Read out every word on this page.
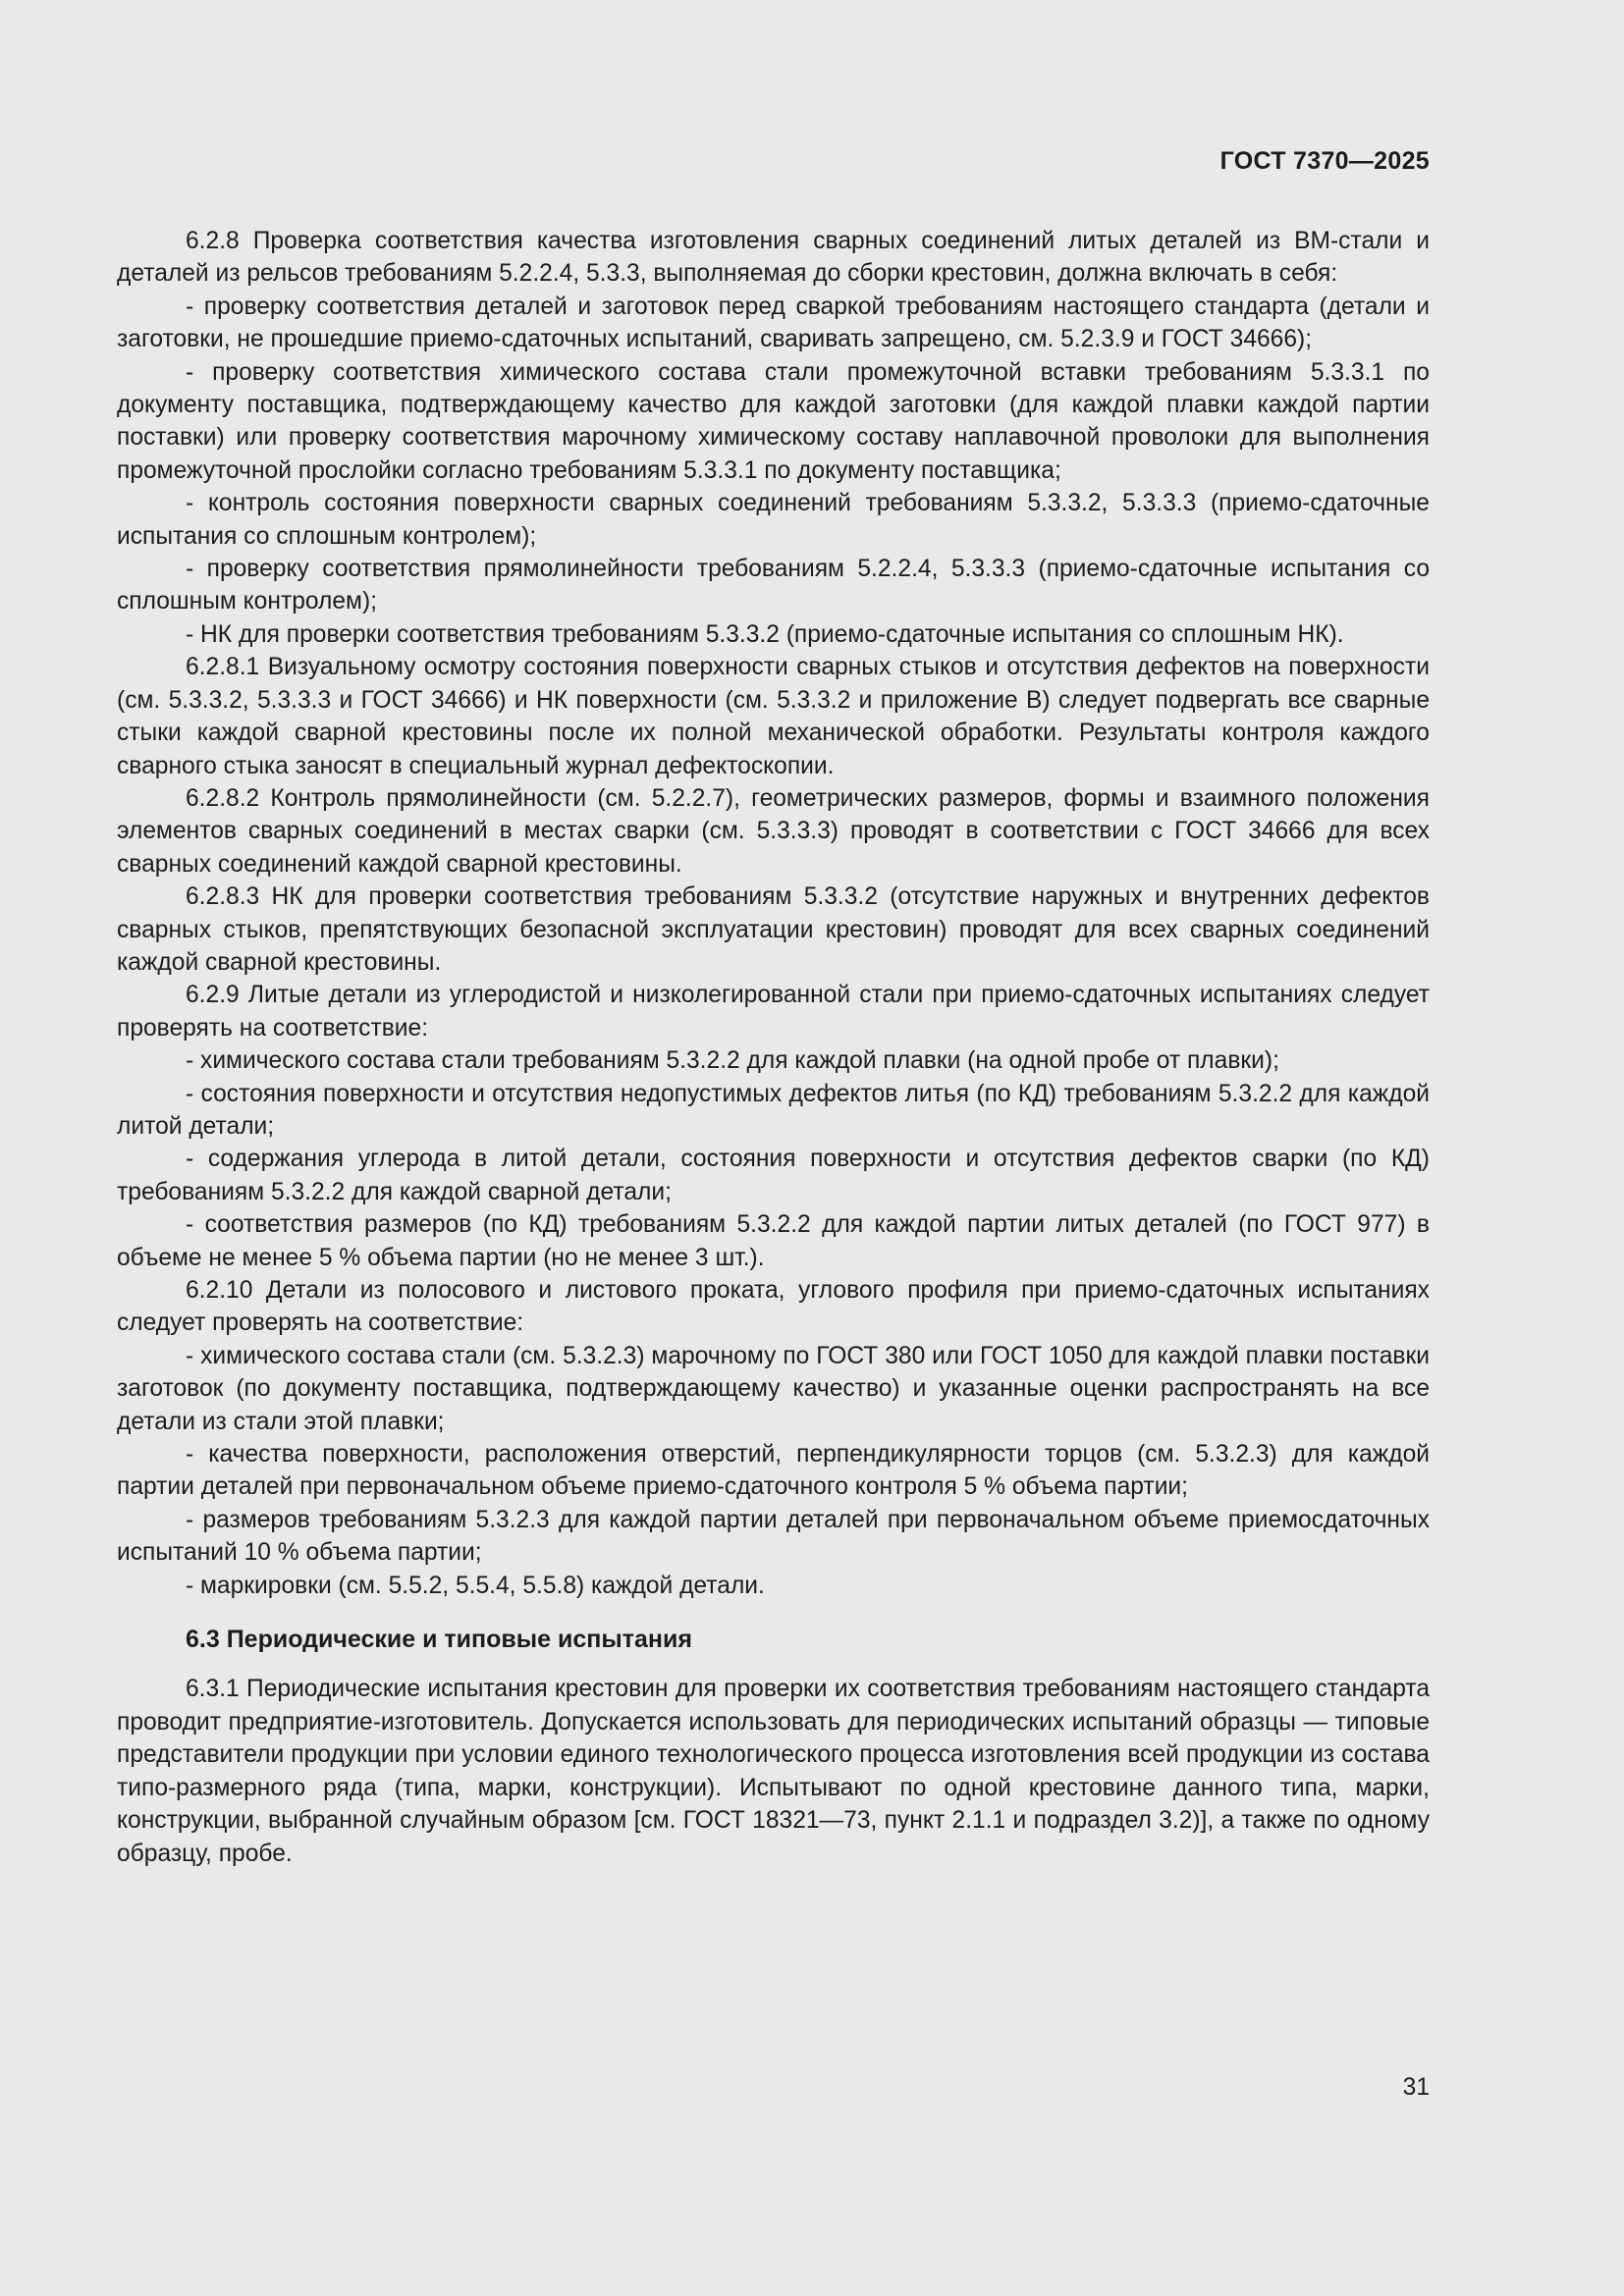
ГОСТ 7370—2025

6.2.8 Проверка соответствия качества изготовления сварных соединений литых деталей из ВМ-стали и деталей из рельсов требованиям 5.2.2.4, 5.3.3, выполняемая до сборки крестовин, должна включать в себя:

- проверку соответствия деталей и заготовок перед сваркой требованиям настоящего стандарта (детали и заготовки, не прошедшие приемо-сдаточных испытаний, сваривать запрещено, см. 5.2.3.9 и ГОСТ 34666);

- проверку соответствия химического состава стали промежуточной вставки требованиям 5.3.3.1 по документу поставщика, подтверждающему качество для каждой заготовки (для каждой плавки каждой партии поставки) или проверку соответствия марочному химическому составу наплавочной проволоки для выполнения промежуточной прослойки согласно требованиям 5.3.3.1 по документу поставщика;

- контроль состояния поверхности сварных соединений требованиям 5.3.3.2, 5.3.3.3 (приемо-сдаточные испытания со сплошным контролем);

- проверку соответствия прямолинейности требованиям 5.2.2.4, 5.3.3.3 (приемо-сдаточные испытания со сплошным контролем);

- НК для проверки соответствия требованиям 5.3.3.2 (приемо-сдаточные испытания со сплошным НК).

6.2.8.1 Визуальному осмотру состояния поверхности сварных стыков и отсутствия дефектов на поверхности (см. 5.3.3.2, 5.3.3.3 и ГОСТ 34666) и НК поверхности (см. 5.3.3.2 и приложение В) следует подвергать все сварные стыки каждой сварной крестовины после их полной механической обработки. Результаты контроля каждого сварного стыка заносят в специальный журнал дефектоскопии.

6.2.8.2 Контроль прямолинейности (см. 5.2.2.7), геометрических размеров, формы и взаимного положения элементов сварных соединений в местах сварки (см. 5.3.3.3) проводят в соответствии с ГОСТ 34666 для всех сварных соединений каждой сварной крестовины.

6.2.8.3 НК для проверки соответствия требованиям 5.3.3.2 (отсутствие наружных и внутренних дефектов сварных стыков, препятствующих безопасной эксплуатации крестовин) проводят для всех сварных соединений каждой сварной крестовины.

6.2.9 Литые детали из углеродистой и низколегированной стали при приемо-сдаточных испытаниях следует проверять на соответствие:

- химического состава стали требованиям 5.3.2.2 для каждой плавки (на одной пробе от плавки);

- состояния поверхности и отсутствия недопустимых дефектов литья (по КД) требованиям 5.3.2.2 для каждой литой детали;

- содержания углерода в литой детали, состояния поверхности и отсутствия дефектов сварки (по КД) требованиям 5.3.2.2 для каждой сварной детали;

- соответствия размеров (по КД) требованиям 5.3.2.2 для каждой партии литых деталей (по ГОСТ 977) в объеме не менее 5 % объема партии (но не менее 3 шт.).

6.2.10 Детали из полосового и листового проката, углового профиля при приемо-сдаточных испытаниях следует проверять на соответствие:

- химического состава стали (см. 5.3.2.3) марочному по ГОСТ 380 или ГОСТ 1050 для каждой плавки поставки заготовок (по документу поставщика, подтверждающему качество) и указанные оценки распространять на все детали из стали этой плавки;

- качества поверхности, расположения отверстий, перпендикулярности торцов (см. 5.3.2.3) для каждой партии деталей при первоначальном объеме приемо-сдаточного контроля 5 % объема партии;

- размеров требованиям 5.3.2.3 для каждой партии деталей при первоначальном объеме приемосдаточных испытаний 10 % объема партии;

- маркировки (см. 5.5.2, 5.5.4, 5.5.8) каждой детали.

6.3 Периодические и типовые испытания

6.3.1 Периодические испытания крестовин для проверки их соответствия требованиям настоящего стандарта проводит предприятие-изготовитель. Допускается использовать для периодических испытаний образцы — типовые представители продукции при условии единого технологического процесса изготовления всей продукции из состава типо-размерного ряда (типа, марки, конструкции). Испытывают по одной крестовине данного типа, марки, конструкции, выбранной случайным образом [см. ГОСТ 18321—73, пункт 2.1.1 и подраздел 3.2)], а также по одному образцу, пробе.

31
